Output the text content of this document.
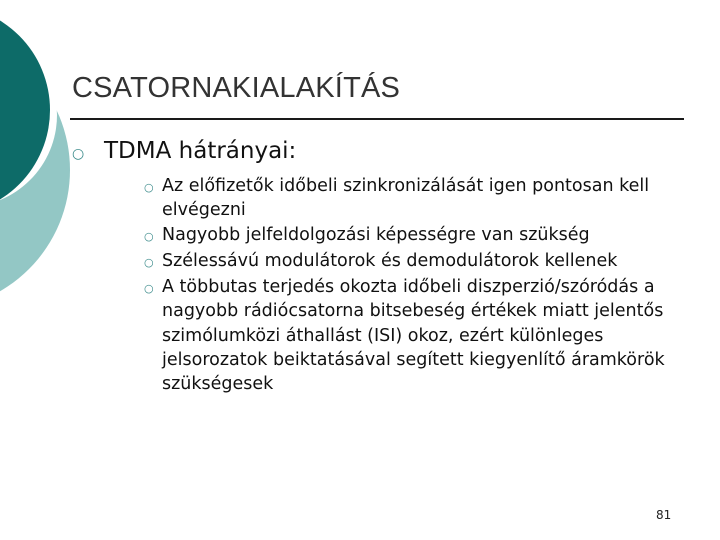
CSATORNAKIALAKÍTÁS
○ TDMA hátrányai:
○ Az előfizetők időbeli szinkronizálását igen pontosan kell elvégezni
○ Nagyobb jelfeldolgozási képességre van szükség
○ Szélessávú modulátorok és demodulátorok kellenek
○ A többutas terjedés okozta időbeli diszperzió/szóródás a nagyobb rádiócsatorna bitsebeség értékek miatt jelentős szimólumközi áthallást (ISI) okoz, ezért különleges jelsorozatok beiktatásával segített kiegyenlítő áramkörök szükségesek
81
